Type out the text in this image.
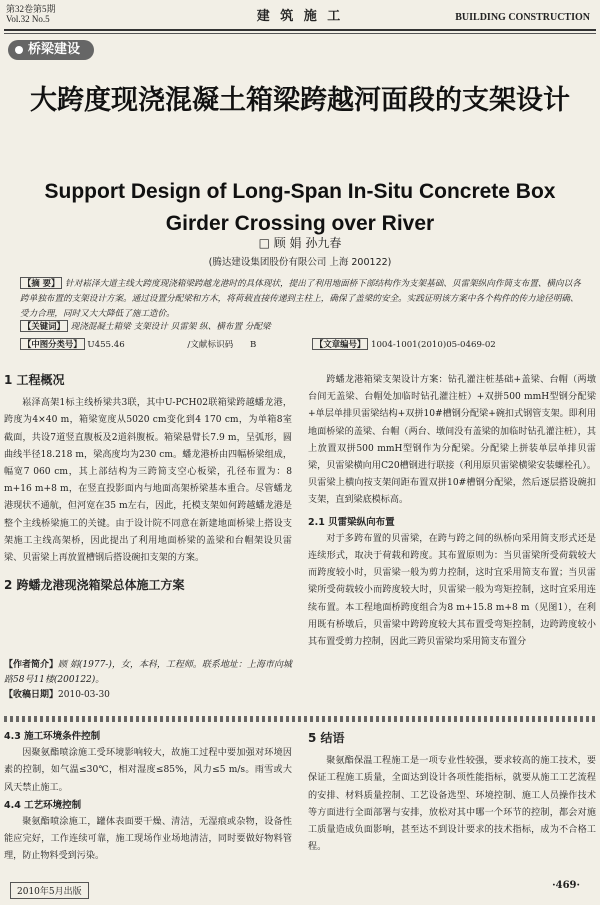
第32卷第5期
Vol.32 No.5	建 筑 施 工	BUILDING CONSTRUCTION
桥梁建设
大跨度现浇混凝土箱梁跨越河面段的支架设计
Support Design of Long-Span In-Situ Concrete Box Girder Crossing over River
□ 顾 娟 孙九春
(腾达建设集团股份有限公司 上海 200122)
【摘 要】 针对崧泽大道主线大跨度现浇箱梁跨越龙港时的具体现状，提出了利用地面桥下部结构作为支架基础、贝雷架纵向作筒支布置、横向以各跨单独布置的支架设计方案。通过设置分配梁和方木，将荷载直接传递到主柱上，确保了盖梁的安全。实践证明该方案中各个构件的传力途径明确、受力合理，同时又大大降低了施工造价。
【关键词】 现浇混凝土箱梁 支架设计 贝雷架 纵、横布置 分配梁
【中图分类号】 U455.46	/文献标识码 B	【文章编号】 1004-1001(2010)05-0469-02
1 工程概况

崧泽高架1标主线桥梁共3联，其中U-PCH02联箱梁跨越蟠龙港，跨度为4×40 m，箱梁宽度从5020 cm变化到4 170 cm，为单箱8室截面，共设7道竖直腹板及2道斜腹板。箱梁悬臂长7.9 m，呈弧形，圆曲线半径18.218 m，梁高度均为230 cm。蟠龙港桥由四幅桥梁组成，幅宽7 060 cm，其上部结构为三跨简支空心板梁，孔径布置为：8 m+16 m+8 m，在竖直投影面内与地面高架桥梁基本重合。尽管蟠龙港现状不通航，但河宽在35 m左右，因此，托模支架如何跨越蟠龙港是整个主线桥梁施工的关键。由于设计院不同意在新建地面桥梁上搭设支架施工主线高架桥，因此提出了利用地面桥梁的盖梁和台帽架设贝雷梁、贝雷梁上再放置槽钢后搭设碗扣支架的方案。

2 跨蟠龙港现浇箱梁总体施工方案
【作者简介】顾 娟(1977-)，女，本科，工程师。联系地址：上海市向城路58号11楼(200122)。
【收稿日期】2010-03-30

跨蟠龙港箱梁支架设计方案：钻孔灌注桩基础+盖梁、台帽（两墩台间无盖梁、台帽处加临时钻孔灌注桩）+双拼500 mmH型钢分配梁+单层单排贝雷梁结构+双拼10#槽钢分配梁+碗扣式钢管支架。即利用地面桥梁的盖梁、台帽（两台、墩间没有盖梁的加临时钻孔灌注桩），其上放置双拼500 mmH型钢作为分配梁。分配梁上拼装单层单排贝雷梁，贝雷梁横向用C20槽钢进行联接（利用原贝雷梁横梁安装螺栓孔）。贝雷梁上横向按支架间距布置双拼10#槽钢分配梁，然后逐层搭设碗扣支架，直到梁底模标高。

2.1 贝雷梁纵向布置

对于多跨布置的贝雷梁，在跨与跨之间的纵桥向采用简支形式还是连续形式，取决于荷载和跨度。其布置原则为：当贝雷梁所受荷载较大而跨度较小时，贝雷梁一般为剪力控制，这时宜采用简支布置；当贝雷梁所受荷载较小而跨度较大时，贝雷梁一般为弯矩控制，这时宜采用连续布置。本工程地面桥跨度组合为8 m+15.8 m+8 m（见图1），在利用既有桥墩后，贝雷梁中跨跨度较大其布置受弯矩控制，边跨跨度较小其布置受剪力控制，因此三跨贝雷梁均采用简支布置分

4.3 施工环境条件控制

因聚氨酯喷涂施工受环境影响较大，故施工过程中要加强对环境因素的控制，如气温≤30℃，相对湿度≤85%，风力≤5 m/s。雨雪或大风天禁止施工。

4.4 工艺环境控制

聚氨酯喷涂施工，罐体表面要干燥、清洁，无湿痕或杂物，设备性能应完好，工作连续可靠，施工现场作业场地清洁，同时要做好物料管理，防止物料受到污染。

5 结语

聚氨酯保温工程施工是一项专业性较强，要求较高的施工技术，要保证工程施工质量，全面达到设计各项性能指标，就要从施工工艺流程的安排、材料质量控制、工艺设备选型、环境控制、施工人员操作技术等方面进行全面部署与安排，放松对其中哪一个环节的控制，都会对施工质量造成负面影响，甚至达不到设计要求的技术指标，成为不合格工程。

2010年5月出版
·469·
